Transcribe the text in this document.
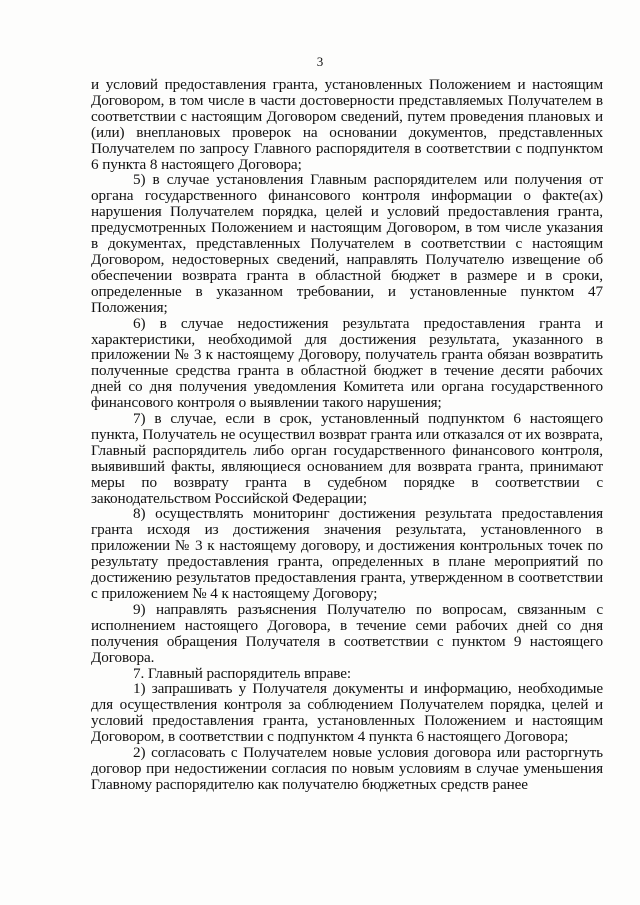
3

и условий предоставления гранта, установленных Положением и настоящим Договором, в том числе в части достоверности представляемых Получателем в соответствии с настоящим Договором сведений, путем проведения плановых и (или) внеплановых проверок на основании документов, представленных Получателем по запросу Главного распорядителя в соответствии с подпунктом 6 пункта 8 настоящего Договора;

5) в случае установления Главным распорядителем или получения от органа государственного финансового контроля информации о факте(ах) нарушения Получателем порядка, целей и условий предоставления гранта, предусмотренных Положением и настоящим Договором, в том числе указания в документах, представленных Получателем в соответствии с настоящим Договором, недостоверных сведений, направлять Получателю извещение об обеспечении возврата гранта в областной бюджет в размере и в сроки, определенные в указанном требовании, и установленные пунктом 47 Положения;

6) в случае недостижения результата предоставления гранта и характеристики, необходимой для достижения результата, указанного в приложении № 3 к настоящему Договору, получатель гранта обязан возвратить полученные средства гранта в областной бюджет в течение десяти рабочих дней со дня получения уведомления Комитета или органа государственного финансового контроля о выявлении такого нарушения;

7) в случае, если в срок, установленный подпунктом 6 настоящего пункта, Получатель не осуществил возврат гранта или отказался от их возврата, Главный распорядитель либо орган государственного финансового контроля, выявивший факты, являющиеся основанием для возврата гранта, принимают меры по возврату гранта в судебном порядке в соответствии с законодательством Российской Федерации;

8) осуществлять мониторинг достижения результата предоставления гранта исходя из достижения значения результата, установленного в приложении № 3 к настоящему договору, и достижения контрольных точек по результату предоставления гранта, определенных в плане мероприятий по достижению результатов предоставления гранта, утвержденном в соответствии с приложением № 4 к настоящему Договору;

9) направлять разъяснения Получателю по вопросам, связанным с исполнением настоящего Договора, в течение семи рабочих дней со дня получения обращения Получателя в соответствии с пунктом 9 настоящего Договора.

7. Главный распорядитель вправе:

1) запрашивать у Получателя документы и информацию, необходимые для осуществления контроля за соблюдением Получателем порядка, целей и условий предоставления гранта, установленных Положением и настоящим Договором, в соответствии с подпунктом 4 пункта 6 настоящего Договора;

2) согласовать с Получателем новые условия договора или расторгнуть договор при недостижении согласия по новым условиям в случае уменьшения Главному распорядителю как получателю бюджетных средств ранее
